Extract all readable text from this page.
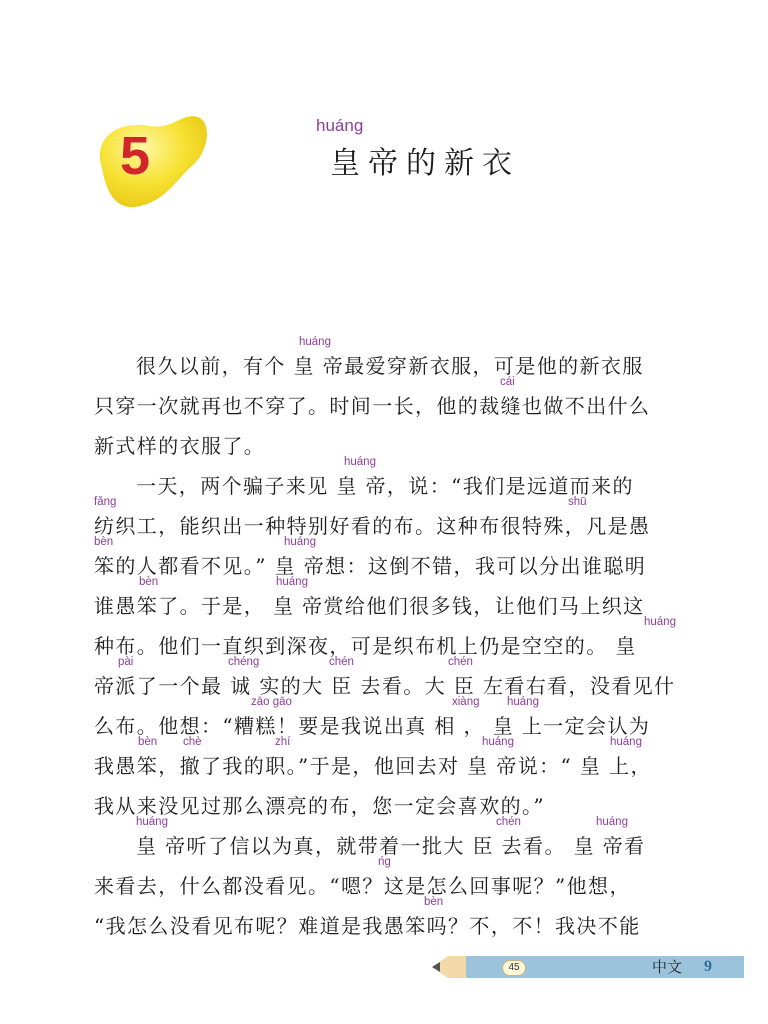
5
huáng
皇帝的新衣
huáng
很久以前，有个 皇 帝最爱穿新衣服，可是他的新衣服
cái
只穿一次就再也不穿了。时间一长，他的裁缝也做不出什么
新式样的衣服了。
huáng
一天，两个骗子来见 皇 帝，说：“我们是远道而来的
fǎng	shū
纺织工，能织出一种特别好看的布。这种布很特殊，凡是愚
bèn	huáng
笨的人都看不见。” 皇 帝想：这倒不错，我可以分出谁聪明
bèn	huáng
谁愚笨了。于是， 皇 帝赏给他们很多钱，让他们马上织这
huáng
种布。他们一直织到深夜，可是织布机上仍是空空的。 皇
pài	chéng	chén	chén
帝派了一个最 诚 实的大 臣 去看。大 臣 左看右看，没看见什
zāo gāo	xiàng huáng
么布。他想：“糟糕！要是我说出真 相 ， 皇 上一定会认为
bèn chè	zhí	huáng	huáng
我愚笨，撤了我的职。”于是，他回去对 皇 帝说：“ 皇 上，
我从来没见过那么漂亮的布，您一定会喜欢的。”
huáng	chén	huáng
皇 帝听了信以为真，就带着一批大 臣 去看。 皇 帝看
ńg
来看去，什么都没看见。“嗯？这是怎么回事呢？”他想，
bèn
“我怎么没看见布呢？难道是我愚笨吗？不，不！我决不能
45	中文 9
